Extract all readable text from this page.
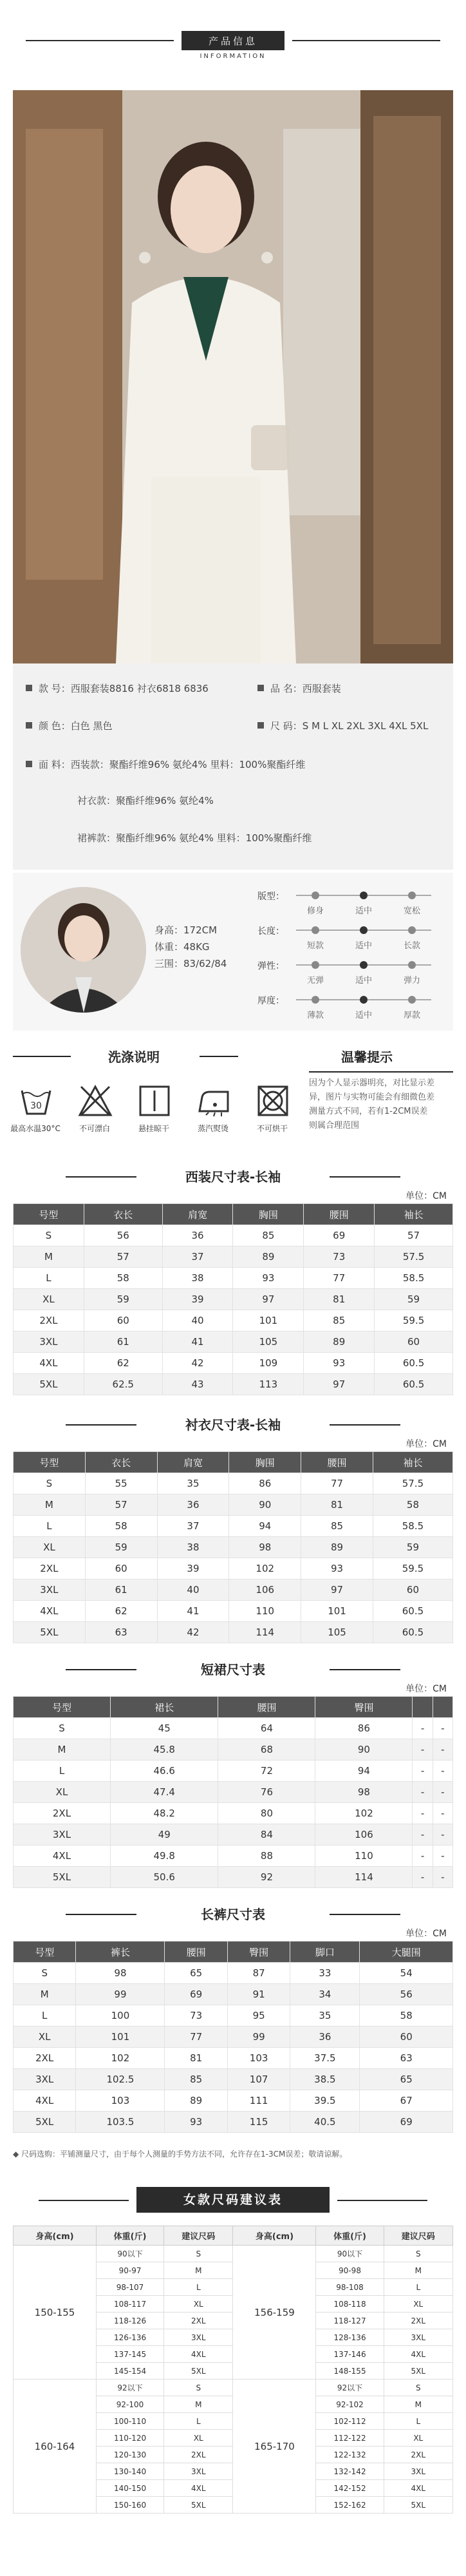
产品信息
INFORMATION
款 号：西服套装8816 衬衣6818 6836	品 名：西服套装
颜 色：白色 黑色	尺 码：S M L XL 2XL 3XL 4XL 5XL
面 料：西装款：聚酯纤维96% 氨纶4% 里料：100%聚酯纤维
衬衣款：聚酯纤维96% 氨纶4%
裙裤款：聚酯纤维96% 氨纶4% 里料：100%聚酯纤维
身高：172CM
体重：48KG
三围：83/62/84
版型：
修身	适中	宽松
长度：
短款	适中	长款
弹性：
无弹	适中	弹力
厚度：
薄款	适中	厚款
洗涤说明
30
最高水温30°C	不可漂白	悬挂晾干	蒸汽熨烫	不可烘干
温馨提示
因为个人显示器明亮，对比显示差
异，图片与实物可能会有细微色差
测量方式不同，若有1-2CM误差
则属合理范围
西装尺寸表-长袖
单位：CM
号型	衣长	肩宽	胸围	腰围	袖长
S	56	36	85	69	57
M	57	37	89	73	57.5
L	58	38	93	77	58.5
XL	59	39	97	81	59
2XL	60	40	101	85	59.5
3XL	61	41	105	89	60
4XL	62	42	109	93	60.5
5XL	62.5	43	113	97	60.5
衬衣尺寸表-长袖
单位：CM
号型	衣长	肩宽	胸围	腰围	袖长
S	55	35	86	77	57.5
M	57	36	90	81	58
L	58	37	94	85	58.5
XL	59	38	98	89	59
2XL	60	39	102	93	59.5
3XL	61	40	106	97	60
4XL	62	41	110	101	60.5
5XL	63	42	114	105	60.5
短裙尺寸表
单位：CM
号型	裙长	腰围	臀围		
S	45	64	86	-	-
M	45.8	68	90	-	-
L	46.6	72	94	-	-
XL	47.4	76	98	-	-
2XL	48.2	80	102	-	-
3XL	49	84	106	-	-
4XL	49.8	88	110	-	-
5XL	50.6	92	114	-	-
长裤尺寸表
单位：CM
号型	裤长	腰围	臀围	脚口	大腿围
S	98	65	87	33	54
M	99	69	91	34	56
L	100	73	95	35	58
XL	101	77	99	36	60
2XL	102	81	103	37.5	63
3XL	102.5	85	107	38.5	65
4XL	103	89	111	39.5	67
5XL	103.5	93	115	40.5	69
◆ 尺码选购：平铺测量尺寸，由于每个人测量的手势方法不同，允许存在1-3CM误差；敬请谅解。
女款尺码建议表
身高(cm)	体重(斤)	建议尺码	身高(cm)	体重(斤)	建议尺码
150-155	90以下	S	156-159	90以下	S
	90-97	M		90-98	M
	98-107	L		98-108	L
	108-117	XL		108-118	XL
	118-126	2XL		118-127	2XL
	126-136	3XL		128-136	3XL
	137-145	4XL		137-146	4XL
	145-154	5XL		148-155	5XL
160-164	92以下	S	165-170	92以下	S
	92-100	M		92-102	M
	100-110	L		102-112	L
	110-120	XL		112-122	XL
	120-130	2XL		122-132	2XL
	130-140	3XL		132-142	3XL
	140-150	4XL		142-152	4XL
	150-160	5XL		152-162	5XL
